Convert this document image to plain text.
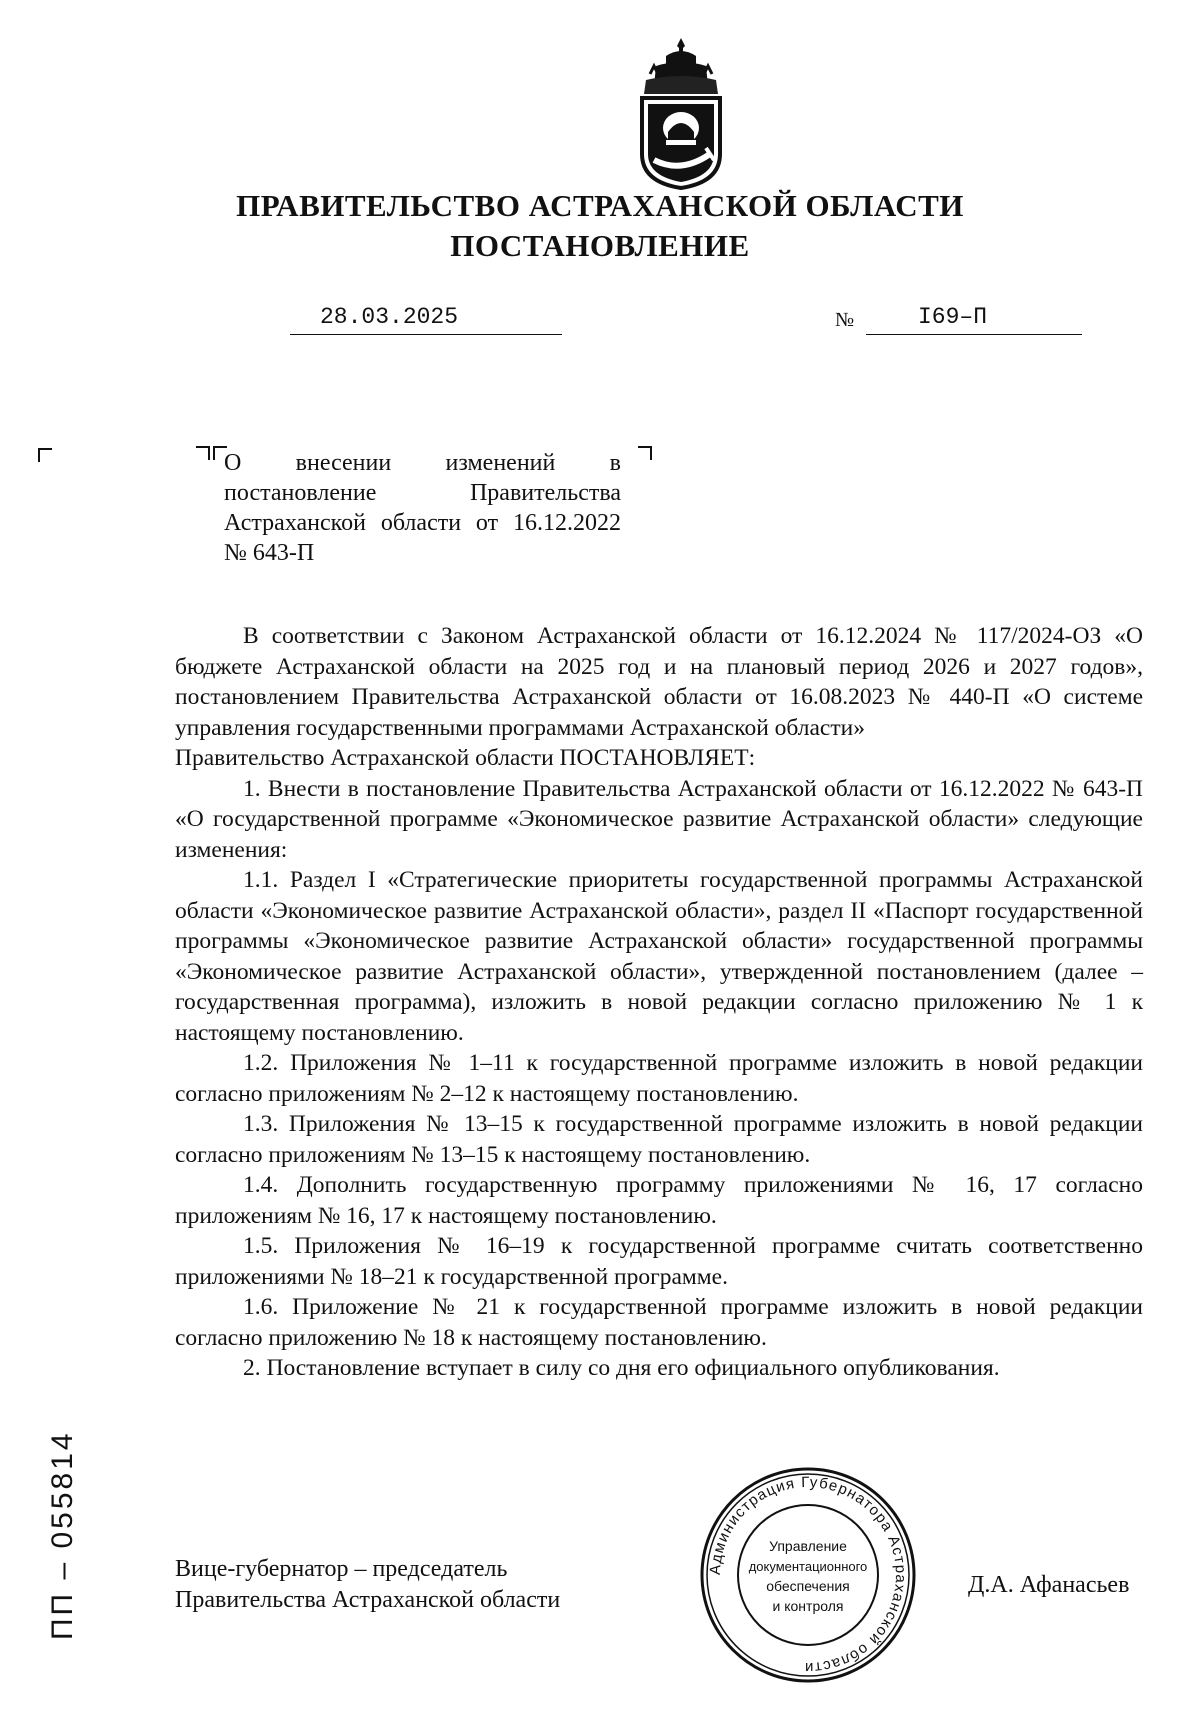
ПРАВИТЕЛЬСТВО АСТРАХАНСКОЙ ОБЛАСТИ
ПОСТАНОВЛЕНИЕ
28.03.2025	№	I69–П
О внесении изменений в постановление Правительства Астраханской области от 16.12.2022 № 643-П

В соответствии с Законом Астраханской области от 16.12.2024 № 117/2024-ОЗ «О бюджете Астраханской области на 2025 год и на плановый период 2026 и 2027 годов», постановлением Правительства Астраханской области от 16.08.2023 № 440-П «О системе управления государственными программами Астраханской области»

Правительство Астраханской области ПОСТАНОВЛЯЕТ:

1. Внести в постановление Правительства Астраханской области от 16.12.2022 № 643-П «О государственной программе «Экономическое развитие Астраханской области» следующие изменения:

1.1. Раздел I «Стратегические приоритеты государственной программы Астраханской области «Экономическое развитие Астраханской области», раздел II «Паспорт государственной программы «Экономическое развитие Астраханской области» государственной программы «Экономическое развитие Астраханской области», утвержденной постановлением (далее – государственная программа), изложить в новой редакции согласно приложению № 1 к настоящему постановлению.

1.2. Приложения № 1–11 к государственной программе изложить в новой редакции согласно приложениям № 2–12 к настоящему постановлению.

1.3. Приложения № 13–15 к государственной программе изложить в новой редакции согласно приложениям № 13–15 к настоящему постановлению.

1.4. Дополнить государственную программу приложениями № 16, 17 согласно приложениям № 16, 17 к настоящему постановлению.

1.5. Приложения № 16–19 к государственной программе считать соответственно приложениями № 18–21 к государственной программе.

1.6. Приложение № 21 к государственной программе изложить в новой редакции согласно приложению № 18 к настоящему постановлению.

2. Постановление вступает в силу со дня его официального опубликования.

Вице-губернатор – председатель
Правительства Астраханской области
Д.А. Афанасьев
Администрация Губернатора Астраханской области
Управление
документационного
обеспечения
и контроля
ПП – 055814
